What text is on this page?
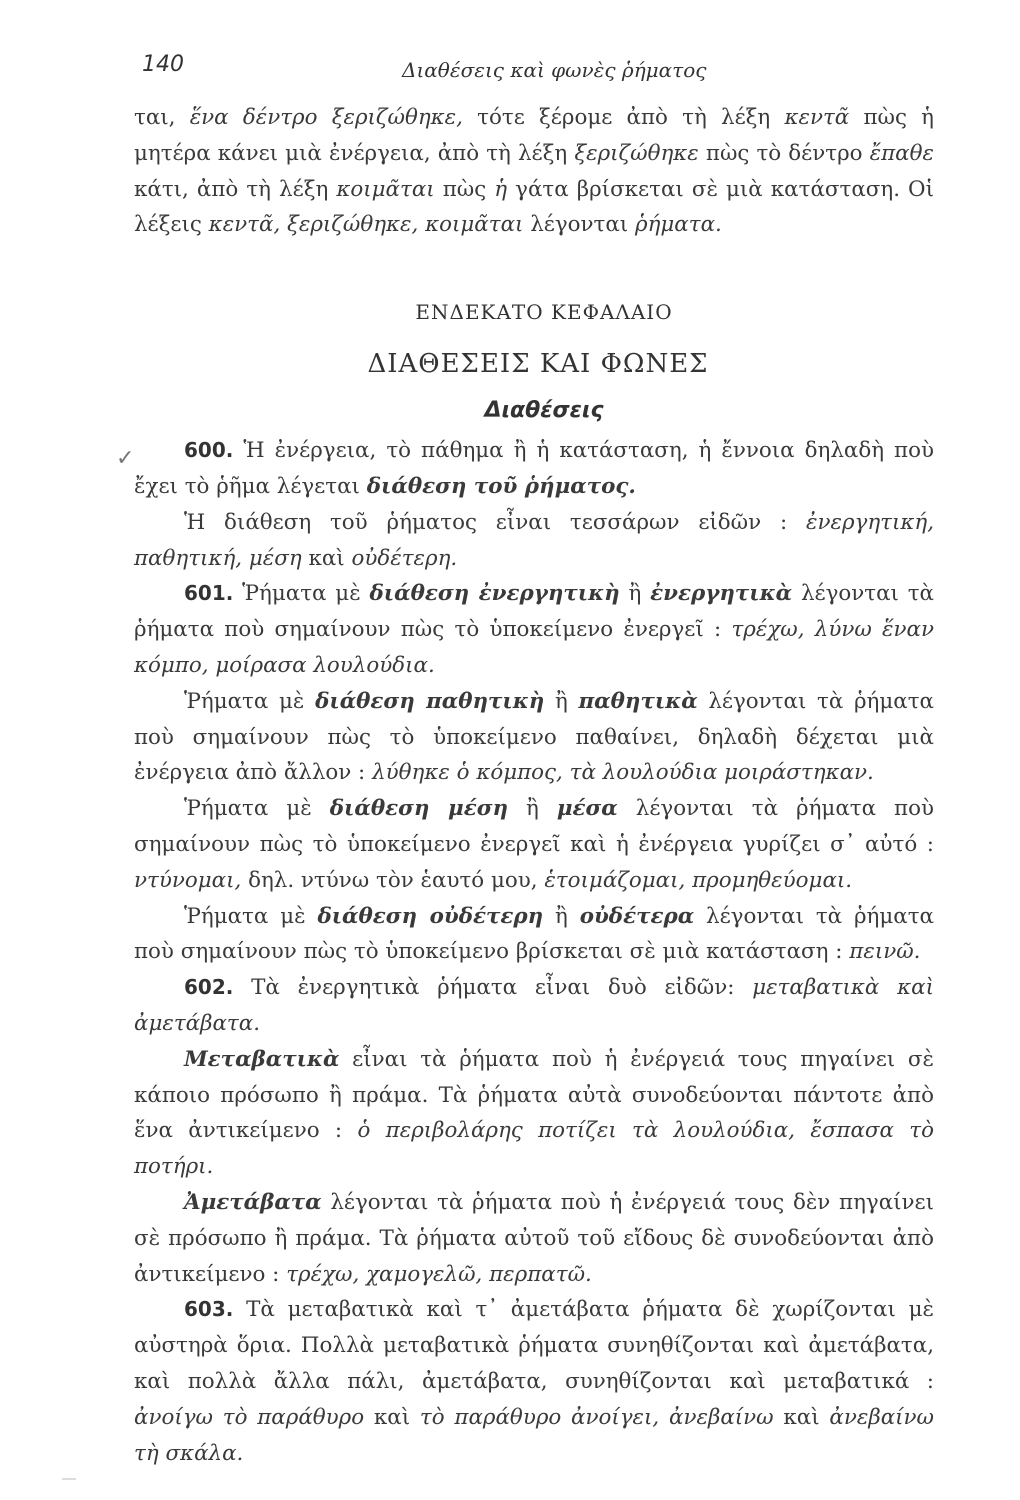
140	Διαθέσεις καὶ φωνὲς ῥήματος
✓

ται, ἕνα δέντρο ξεριζώθηκε, τότε ξέρομε ἀπὸ τὴ λέξη κεντᾶ πὼς ἡ μητέρα κάνει μιὰ ἐνέργεια, ἀπὸ τὴ λέξη ξεριζώθηκε πὼς τὸ δέντρο ἔπαθε κάτι, ἀπὸ τὴ λέξη κοιμᾶται πὼς ἡ γάτα βρίσκεται σὲ μιὰ κατάσταση. Οἱ λέξεις κεντᾶ, ξεριζώθηκε, κοιμᾶται λέγονται ῥήματα.

ΕΝΔΕΚΑΤΟ ΚΕΦΑΛΑΙΟ
ΔΙΑΘΕΣΕΙΣ ΚΑΙ ΦΩΝΕΣ
Διαθέσεις

600. Ἡ ἐνέργεια, τὸ πάθημα ἢ ἡ κατάσταση, ἡ ἔννοια δηλαδὴ ποὺ ἔχει τὸ ῥῆμα λέγεται διάθεση τοῦ ῥήματος.

Ἡ διάθεση τοῦ ῥήματος εἶναι τεσσάρων εἰδῶν : ἐνεργητική, παθητική, μέση καὶ οὐδέτερη.

601. Ῥήματα μὲ διάθεση ἐνεργητικὴ ἢ ἐνεργητικὰ λέγονται τὰ ῥήματα ποὺ σημαίνουν πὼς τὸ ὑποκείμενο ἐνεργεῖ : τρέχω, λύνω ἕναν κόμπο, μοίρασα λουλούδια.

Ῥήματα μὲ διάθεση παθητικὴ ἢ παθητικὰ λέγονται τὰ ῥήματα ποὺ σημαίνουν πὼς τὸ ὑποκείμενο παθαίνει, δηλαδὴ δέχεται μιὰ ἐνέργεια ἀπὸ ἄλλον : λύθηκε ὁ κόμπος, τὰ λουλούδια μοιράστηκαν.

Ῥήματα μὲ διάθεση μέση ἢ μέσα λέγονται τὰ ῥήματα ποὺ σημαίνουν πὼς τὸ ὑποκείμενο ἐνεργεῖ καὶ ἡ ἐνέργεια γυρίζει σ᾿ αὐτό : ντύνομαι, δηλ. ντύνω τὸν ἑαυτό μου, ἑτοιμάζομαι, προμηθεύομαι.

Ῥήματα μὲ διάθεση οὐδέτερη ἢ οὐδέτερα λέγονται τὰ ῥήματα ποὺ σημαίνουν πὼς τὸ ὑποκείμενο βρίσκεται σὲ μιὰ κατάσταση : πεινῶ.

602. Τὰ ἐνεργητικὰ ῥήματα εἶναι δυὸ εἰδῶν: μεταβατικὰ καὶ ἀμετάβατα.

Μεταβατικὰ εἶναι τὰ ῥήματα ποὺ ἡ ἐνέργειά τους πηγαίνει σὲ κάποιο πρόσωπο ἢ πράμα. Τὰ ῥήματα αὐτὰ συνοδεύονται πάντοτε ἀπὸ ἕνα ἀντικείμενο : ὁ περιβολάρης ποτίζει τὰ λουλούδια, ἔσπασα τὸ ποτήρι.

Ἀμετάβατα λέγονται τὰ ῥήματα ποὺ ἡ ἐνέργειά τους δὲν πηγαίνει σὲ πρόσωπο ἢ πράμα. Τὰ ῥήματα αὐτοῦ τοῦ εἴδους δὲ συνοδεύονται ἀπὸ ἀντικείμενο : τρέχω, χαμογελῶ, περπατῶ.

603. Τὰ μεταβατικὰ καὶ τ᾿ ἀμετάβατα ῥήματα δὲ χωρίζονται μὲ αὐστηρὰ ὅρια. Πολλὰ μεταβατικὰ ῥήματα συνηθίζονται καὶ ἀμετάβατα, καὶ πολλὰ ἄλλα πάλι, ἀμετάβατα, συνηθίζονται καὶ μεταβατικά : ἀνοίγω τὸ παράθυρο καὶ τὸ παράθυρο ἀνοίγει, ἀνεβαίνω καὶ ἀνεβαίνω τὴ σκάλα.
